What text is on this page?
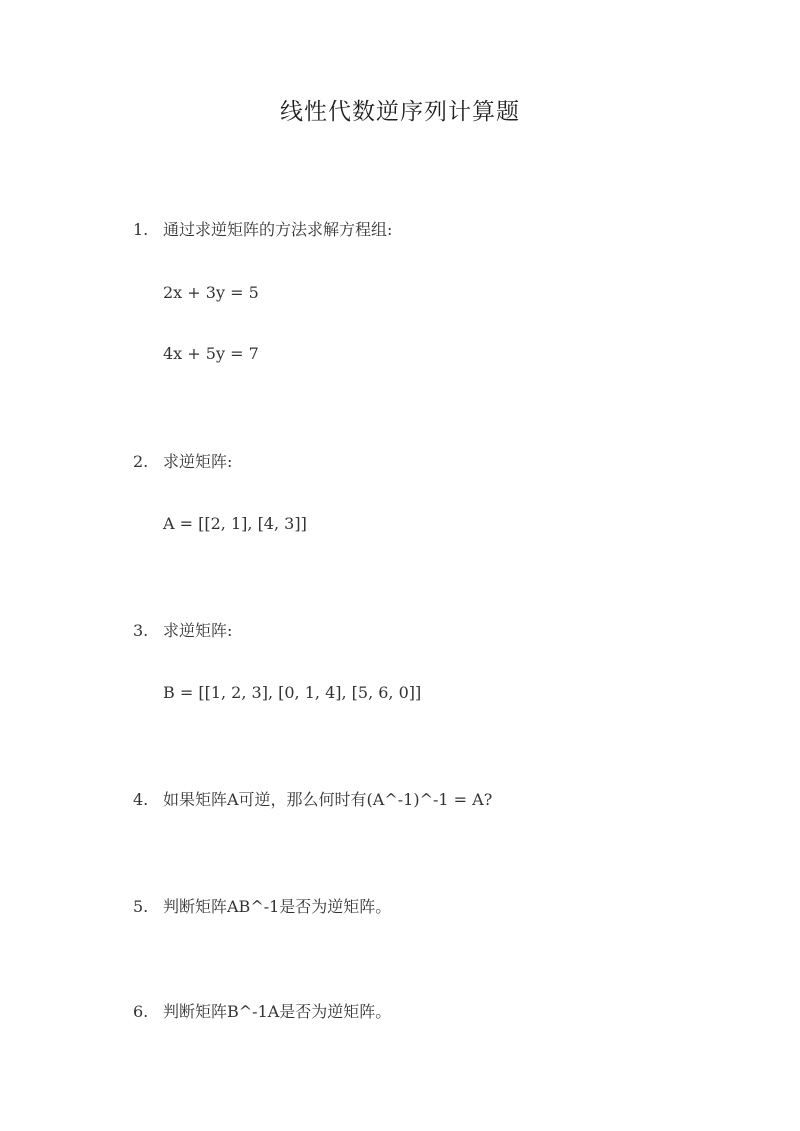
线性代数逆序列计算题
1. 通过求逆矩阵的方法求解方程组:
2x + 3y = 5
4x + 5y = 7
2. 求逆矩阵:
A = [[2, 1], [4, 3]]
3. 求逆矩阵:
B = [[1, 2, 3], [0, 1, 4], [5, 6, 0]]
4. 如果矩阵A可逆，那么何时有(A^-1)^-1 = A?
5. 判断矩阵AB^-1是否为逆矩阵。
6. 判断矩阵B^-1A是否为逆矩阵。
